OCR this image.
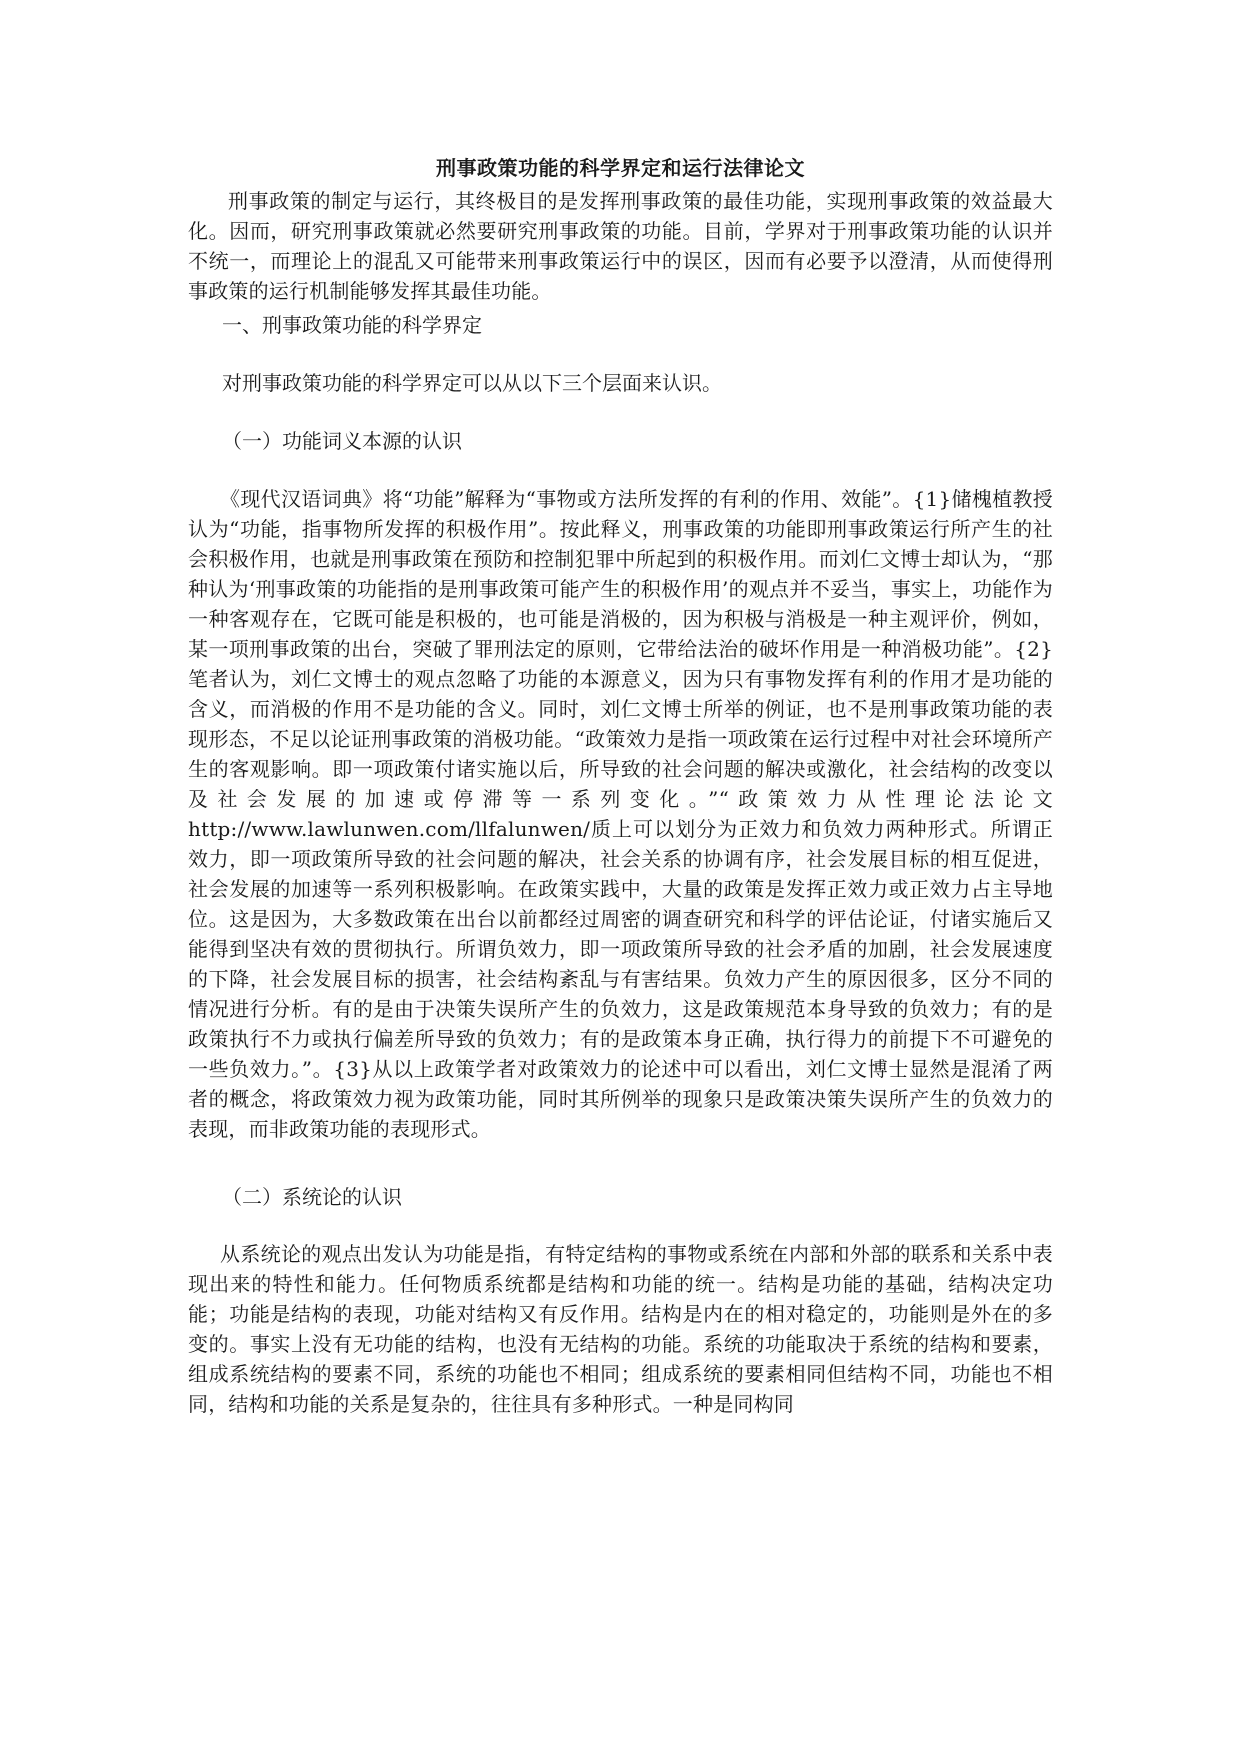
刑事政策功能的科学界定和运行法律论文

刑事政策的制定与运行，其终极目的是发挥刑事政策的最佳功能，实现刑事政策的效益最大化。因而，研究刑事政策就必然要研究刑事政策的功能。目前，学界对于刑事政策功能的认识并不统一，而理论上的混乱又可能带来刑事政策运行中的误区，因而有必要予以澄清，从而使得刑事政策的运行机制能够发挥其最佳功能。

一、刑事政策功能的科学界定

对刑事政策功能的科学界定可以从以下三个层面来认识。

（一）功能词义本源的认识

《现代汉语词典》将“功能”解释为“事物或方法所发挥的有利的作用、效能”。{1}储槐植教授认为“功能，指事物所发挥的积极作用”。按此释义，刑事政策的功能即刑事政策运行所产生的社会积极作用，也就是刑事政策在预防和控制犯罪中所起到的积极作用。而刘仁文博士却认为，“那种认为‘刑事政策的功能指的是刑事政策可能产生的积极作用’的观点并不妥当，事实上，功能作为一种客观存在，它既可能是积极的，也可能是消极的，因为积极与消极是一种主观评价，例如，某一项刑事政策的出台，突破了罪刑法定的原则，它带给法治的破坏作用是一种消极功能”。{2}笔者认为，刘仁文博士的观点忽略了功能的本源意义，因为只有事物发挥有利的作用才是功能的含义，而消极的作用不是功能的含义。同时，刘仁文博士所举的例证，也不是刑事政策功能的表现形态，不足以论证刑事政策的消极功能。“政策效力是指一项政策在运行过程中对社会环境所产生的客观影响。即一项政策付诸实施以后，所导致的社会问题的解决或激化，社会结构的改变以及社会发展的加速或停滞等一系列变化。”“政策效力从性理论法论文 http://www.lawlunwen.com/llfalunwen/质上可以划分为正效力和负效力两种形式。所谓正效力，即一项政策所导致的社会问题的解决，社会关系的协调有序，社会发展目标的相互促进，社会发展的加速等一系列积极影响。在政策实践中，大量的政策是发挥正效力或正效力占主导地位。这是因为，大多数政策在出台以前都经过周密的调查研究和科学的评估论证，付诸实施后又能得到坚决有效的贯彻执行。所谓负效力，即一项政策所导致的社会矛盾的加剧，社会发展速度的下降，社会发展目标的损害，社会结构紊乱与有害结果。负效力产生的原因很多，区分不同的情况进行分析。有的是由于决策失误所产生的负效力，这是政策规范本身导致的负效力；有的是政策执行不力或执行偏差所导致的负效力；有的是政策本身正确，执行得力的前提下不可避免的一些负效力。”。{3}从以上政策学者对政策效力的论述中可以看出，刘仁文博士显然是混淆了两者的概念，将政策效力视为政策功能，同时其所例举的现象只是政策决策失误所产生的负效力的表现，而非政策功能的表现形式。

（二）系统论的认识

从系统论的观点出发认为功能是指，有特定结构的事物或系统在内部和外部的联系和关系中表现出来的特性和能力。任何物质系统都是结构和功能的统一。结构是功能的基础，结构决定功能；功能是结构的表现，功能对结构又有反作用。结构是内在的相对稳定的，功能则是外在的多变的。事实上没有无功能的结构，也没有无结构的功能。系统的功能取决于系统的结构和要素，组成系统结构的要素不同，系统的功能也不相同；组成系统的要素相同但结构不同，功能也不相同，结构和功能的关系是复杂的，往往具有多种形式。一种是同构同
